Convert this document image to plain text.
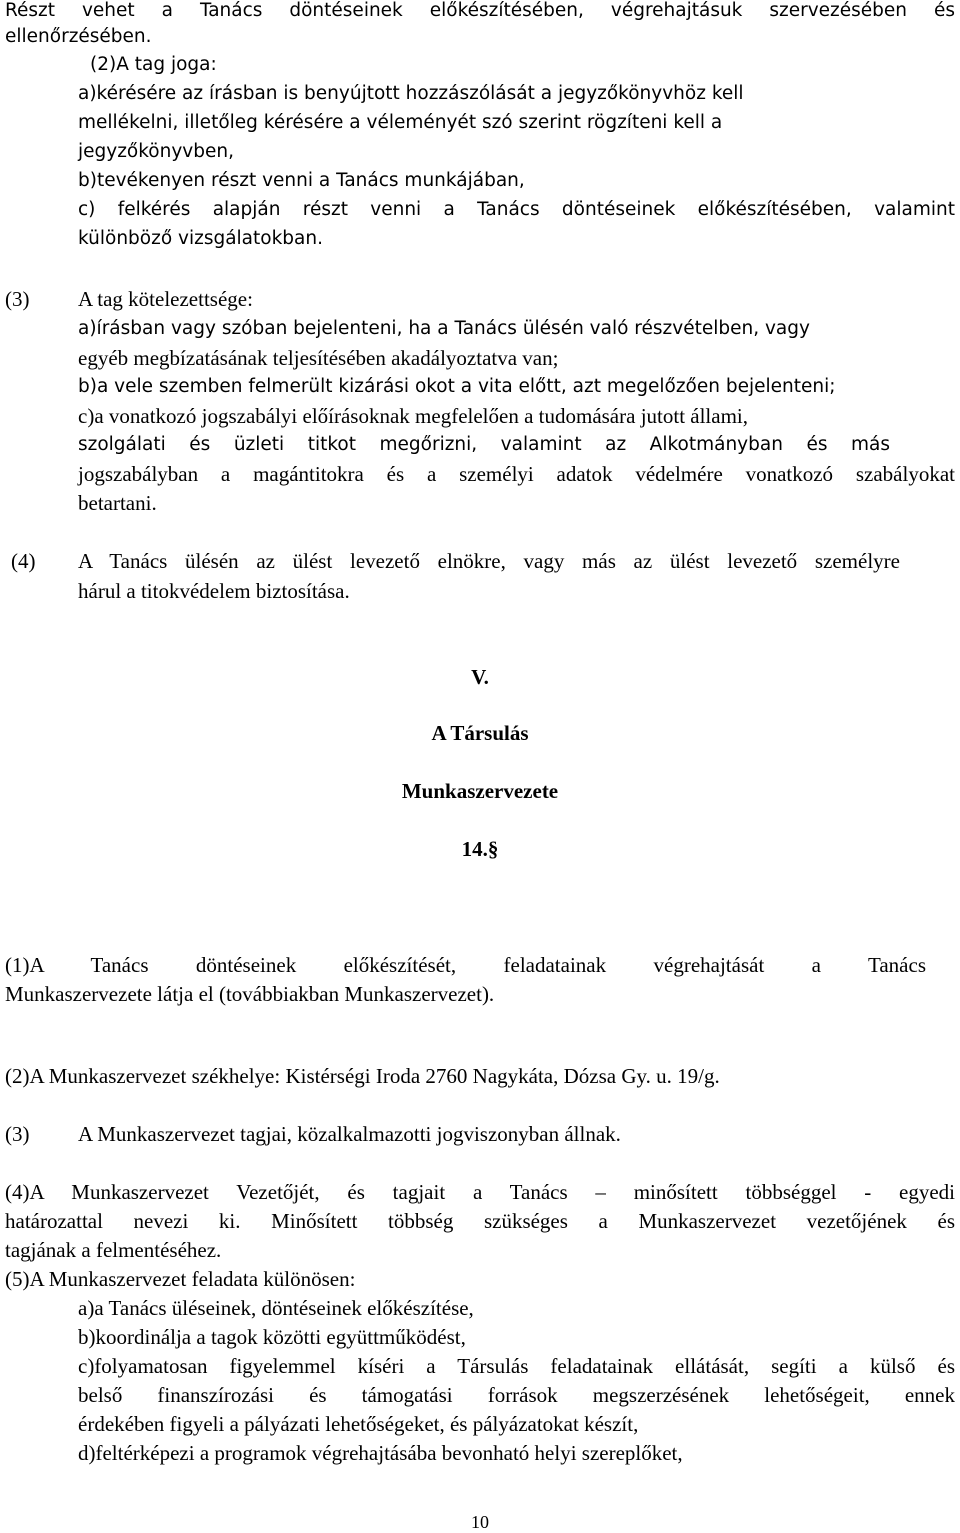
Részt vehet a Tanács döntéseinek előkészítésében, végrehajtásuk szervezésében és
ellenőrzésében.
(2)A tag joga:
a)kérésére az írásban is benyújtott hozzászólását a jegyzőkönyvhöz kell
mellékelni, illetőleg kérésére a véleményét szó szerint rögzíteni kell a
jegyzőkönyvben,
b)tevékenyen részt venni a Tanács munkájában,
c) felkérés alapján részt venni a Tanács döntéseinek előkészítésében, valamint
különböző vizsgálatokban.
(3) A tag kötelezettsége:
a)írásban vagy szóban bejelenteni, ha a Tanács ülésén való részvételben, vagy
egyéb megbízatásának teljesítésében akadályoztatva van;
b)a vele szemben felmerült kizárási okot a vita előtt, azt megelőzően bejelenteni;
c)a vonatkozó jogszabályi előírásoknak megfelelően a tudomására jutott állami,
szolgálati és üzleti titkot megőrizni, valamint az Alkotmányban és más
jogszabályban a magántitokra és a személyi adatok védelmére vonatkozó szabályokat
betartani.
(4) A Tanács ülésén az ülést levezető elnökre, vagy más az ülést levezető személyre
hárul a titokvédelem biztosítása.
V.
A Társulás
Munkaszervezete
14.§
(1)A Tanács döntéseinek előkészítését, feladatainak végrehajtását a Tanács
Munkaszervezete látja el (továbbiakban Munkaszervezet).
(2)A Munkaszervezet székhelye: Kistérségi Iroda 2760 Nagykáta, Dózsa Gy. u. 19/g.
(3) A Munkaszervezet tagjai, közalkalmazotti jogviszonyban állnak.
(4)A Munkaszervezet Vezetőjét, és tagjait a Tanács – minősített többséggel - egyedi
határozattal nevezi ki. Minősített többség szükséges a Munkaszervezet vezetőjének és
tagjának a felmentéséhez.
(5)A Munkaszervezet feladata különösen:
a)a Tanács üléseinek, döntéseinek előkészítése,
b)koordinálja a tagok közötti együttműködést,
c)folyamatosan figyelemmel kíséri a Társulás feladatainak ellátását, segíti a külső és
belső finanszírozási és támogatási források megszerzésének lehetőségeit, ennek
érdekében figyeli a pályázati lehetőségeket, és pályázatokat készít,
d)feltérképezi a programok végrehajtásába bevonható helyi szereplőket,
10
